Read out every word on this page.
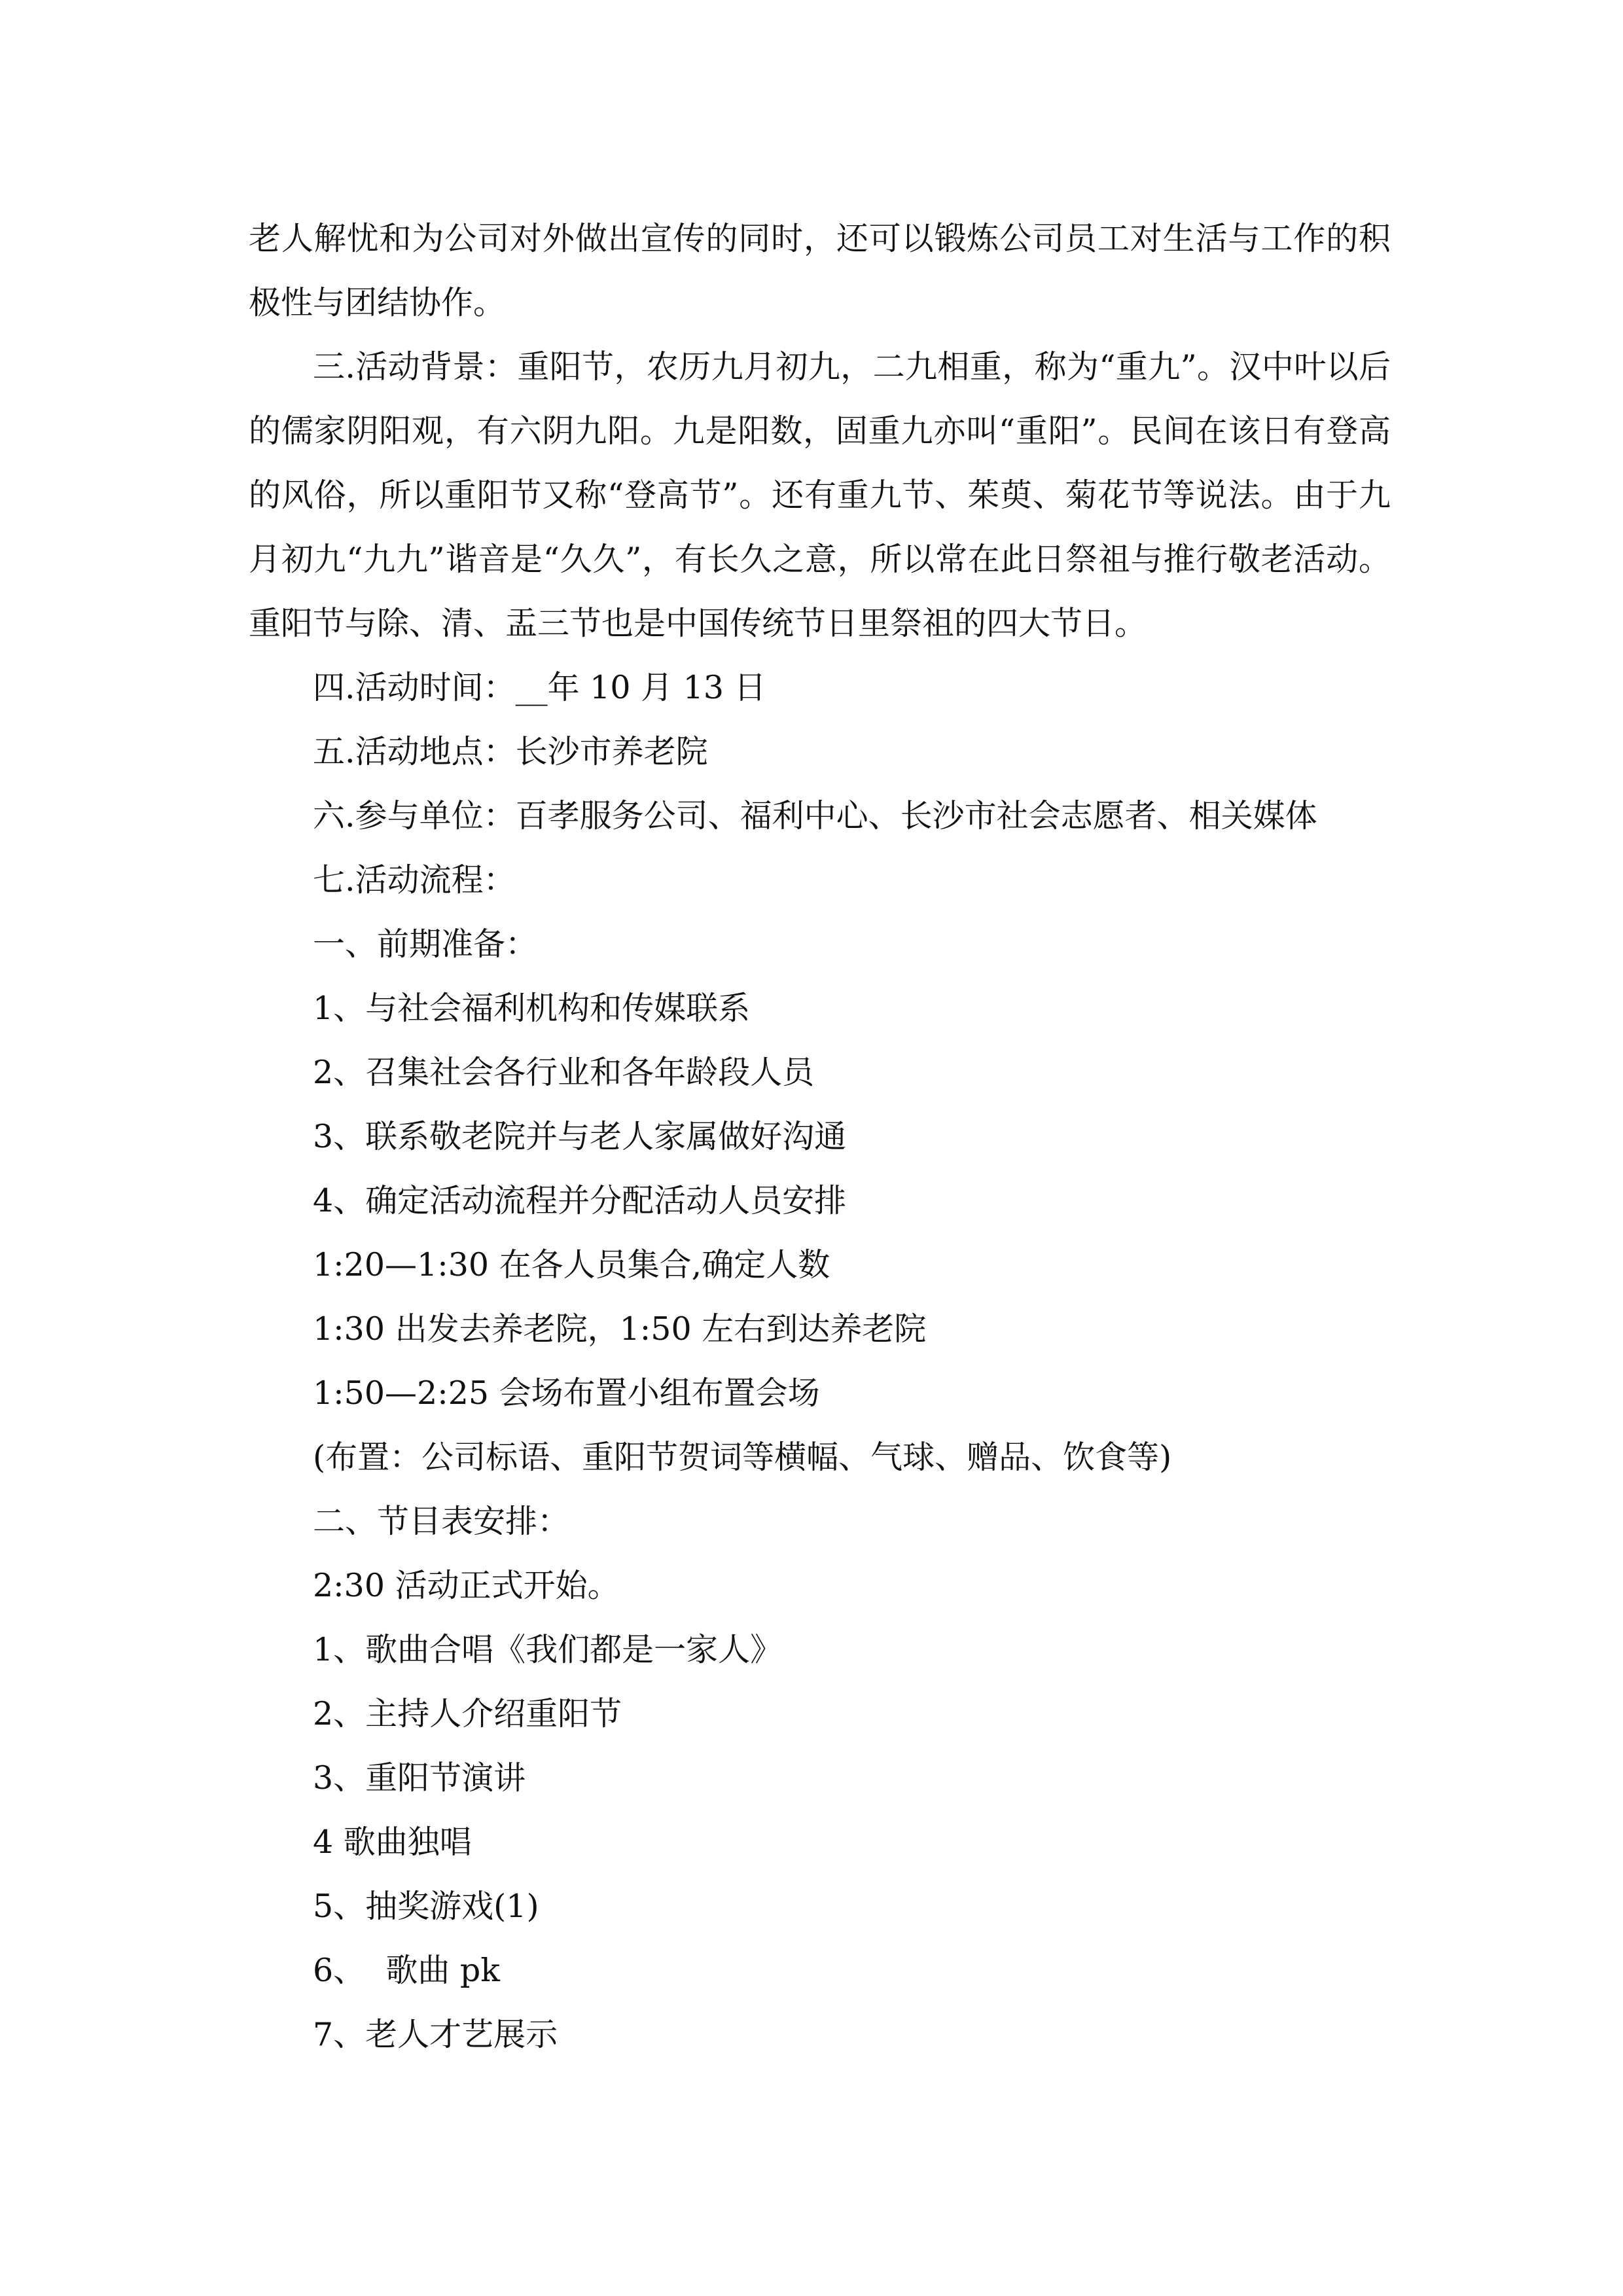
老人解忧和为公司对外做出宣传的同时，还可以锻炼公司员工对生活与工作的积极性与团结协作。

三.活动背景：重阳节，农历九月初九，二九相重，称为“重九”。汉中叶以后的儒家阴阳观，有六阴九阳。九是阳数，固重九亦叫“重阳”。民间在该日有登高的风俗，所以重阳节又称“登高节”。还有重九节、茱萸、菊花节等说法。由于九月初九“九九”谐音是“久久”，有长久之意，所以常在此日祭祖与推行敬老活动。重阳节与除、清、盂三节也是中国传统节日里祭祖的四大节日。

四.活动时间：__年 10 月 13 日

五.活动地点：长沙市养老院

六.参与单位：百孝服务公司、福利中心、长沙市社会志愿者、相关媒体

七.活动流程：

一、前期准备：

1、与社会福利机构和传媒联系

2、召集社会各行业和各年龄段人员

3、联系敬老院并与老人家属做好沟通

4、确定活动流程并分配活动人员安排

1:20—1:30 在各人员集合,确定人数

1:30 出发去养老院，1:50 左右到达养老院

1:50—2:25 会场布置小组布置会场

(布置：公司标语、重阳节贺词等横幅、气球、赠品、饮食等)

二、节目表安排：

2:30 活动正式开始。

1、歌曲合唱《我们都是一家人》

2、主持人介绍重阳节

3、重阳节演讲

4 歌曲独唱

5、抽奖游戏(1)

6、  歌曲 pk

7、老人才艺展示
